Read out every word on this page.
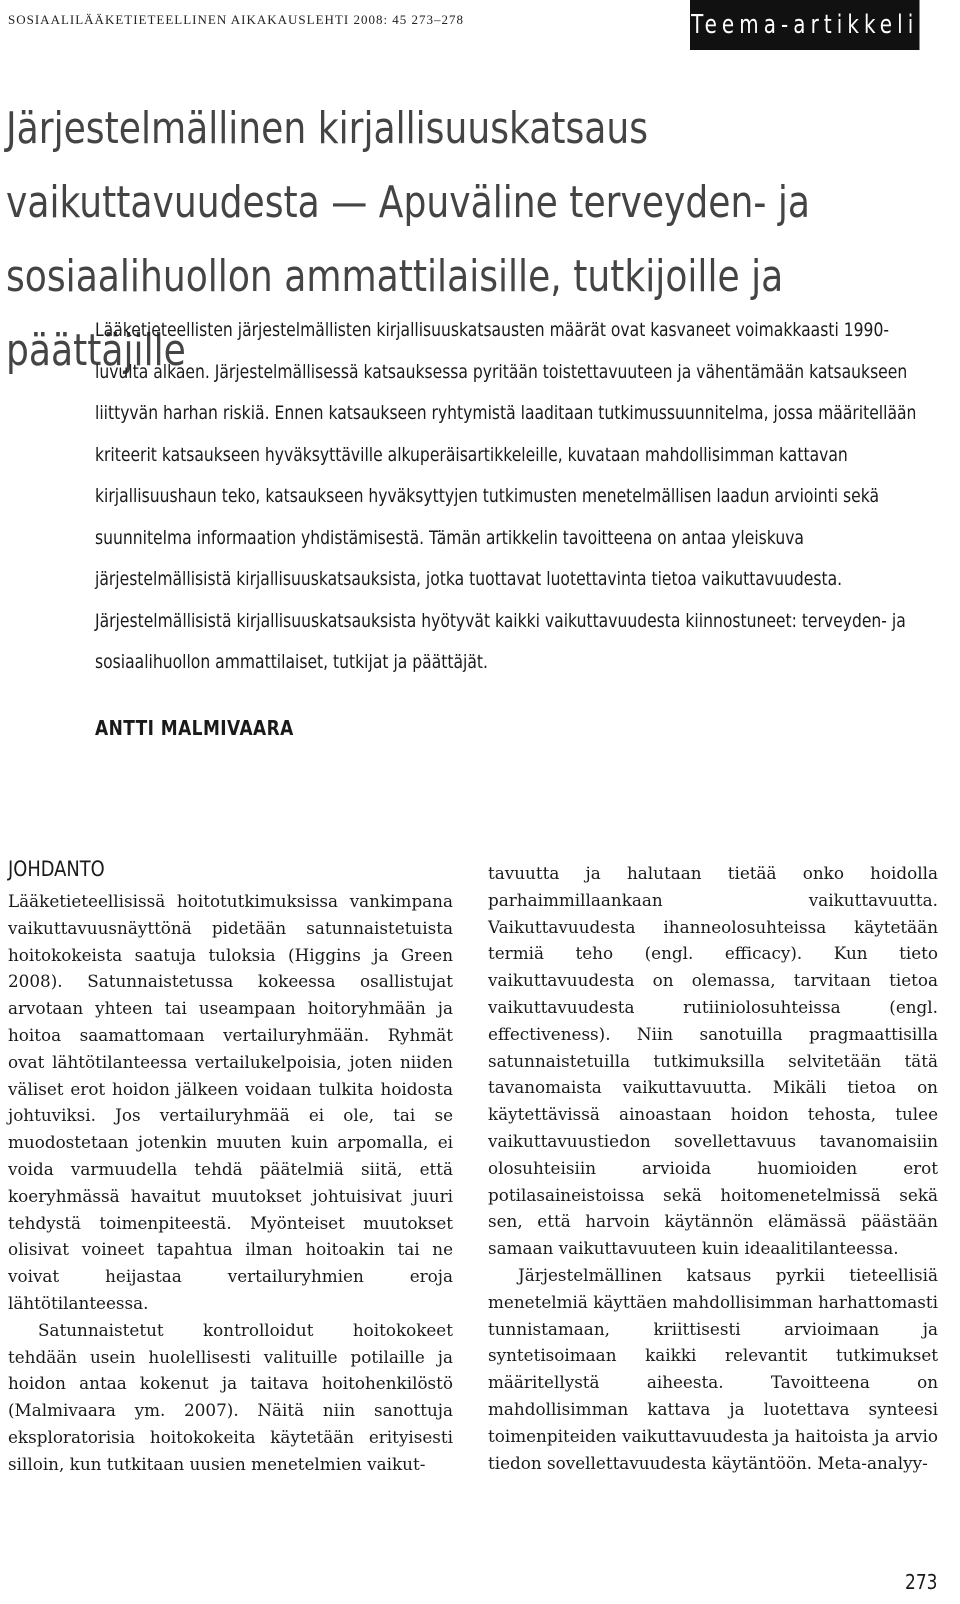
SOSIAALILÄÄKETIETEELLINEN AIKAKAUSLEHTI 2008: 45 273–278	Teema-artikkeli
Järjestelmällinen kirjallisuuskatsaus vaikuttavuudesta — Apuväline terveyden- ja sosiaalihuollon ammattilaisille, tutkijoille ja päättäjille

Lääketieteellisten järjestelmällisten kirjallisuuskatsausten määrät ovat kasvaneet voimakkaasti 1990-luvulta alkaen. Järjestelmällisessä katsauksessa pyritään toistettavuuteen ja vähentämään katsaukseen liittyvän harhan riskiä. Ennen katsaukseen ryhtymistä laaditaan tutkimussuunnitelma, jossa määritellään kriteerit katsaukseen hyväksyttäville alkuperäisartikkeleille, kuvataan mahdollisimman kattavan kirjallisuushaun teko, katsaukseen hyväksyttyjen tutkimusten menetelmällisen laadun arviointi sekä suunnitelma informaation yhdistämisestä. Tämän artikkelin tavoitteena on antaa yleiskuva järjestelmällisistä kirjallisuuskatsauksista, jotka tuottavat luotettavinta tietoa vaikuttavuudesta. Järjestelmällisistä kirjallisuuskatsauksista hyötyvät kaikki vaikuttavuudesta kiinnostuneet: terveyden- ja sosiaalihuollon ammattilaiset, tutkijat ja päättäjät.

ANTTI MALMIVAARA
JOHDANTO

Lääketieteellisissä hoitotutkimuksissa vankimpana vaikuttavuusnäyttönä pidetään satunnaistetuista hoitokokeista saatuja tuloksia (Higgins ja Green 2008). Satunnaistetussa kokeessa osallistujat arvotaan yhteen tai useampaan hoitoryhmään ja hoitoa saamattomaan vertailuryhmään. Ryhmät ovat lähtötilanteessa vertailukelpoisia, joten niiden väliset erot hoidon jälkeen voidaan tulkita hoidosta johtuviksi. Jos vertailuryhmää ei ole, tai se muodostetaan jotenkin muuten kuin arpomalla, ei voida varmuudella tehdä päätelmiä siitä, että koeryhmässä havaitut muutokset johtuisivat juuri tehdystä toimenpiteestä. Myönteiset muutokset olisivat voineet tapahtua ilman hoitoakin tai ne voivat heijastaa vertailuryhmien eroja lähtötilanteessa.

Satunnaistetut kontrolloidut hoitokokeet tehdään usein huolellisesti valituille potilaille ja hoidon antaa kokenut ja taitava hoitohenkilöstö (Malmivaara ym. 2007). Näitä niin sanottuja eksploratorisia hoitokokeita käytetään erityisesti silloin, kun tutkitaan uusien menetelmien vaikut-

tavuutta ja halutaan tietää onko hoidolla parhaimmillaankaan vaikuttavuutta. Vaikuttavuudesta ihanneolosuhteissa käytetään termiä teho (engl. efficacy). Kun tieto vaikuttavuudesta on olemassa, tarvitaan tietoa vaikuttavuudesta rutiiniolosuhteissa (engl. effectiveness). Niin sanotuilla pragmaattisilla satunnaistetuilla tutkimuksilla selvitetään tätä tavanomaista vaikuttavuutta. Mikäli tietoa on käytettävissä ainoastaan hoidon tehosta, tulee vaikuttavuustiedon sovellettavuus tavanomaisiin olosuhteisiin arvioida huomioiden erot potilasaineistoissa sekä hoitomenetelmissä sekä sen, että harvoin käytännön elämässä päästään samaan vaikuttavuuteen kuin ideaalitilanteessa.

Järjestelmällinen katsaus pyrkii tieteellisiä menetelmiä käyttäen mahdollisimman harhattomasti tunnistamaan, kriittisesti arvioimaan ja syntetisoimaan kaikki relevantit tutkimukset määritellystä aiheesta. Tavoitteena on mahdollisimman kattava ja luotettava synteesi toimenpiteiden vaikuttavuudesta ja haitoista ja arvio tiedon sovellettavuudesta käytäntöön. Meta-analyy-

273
